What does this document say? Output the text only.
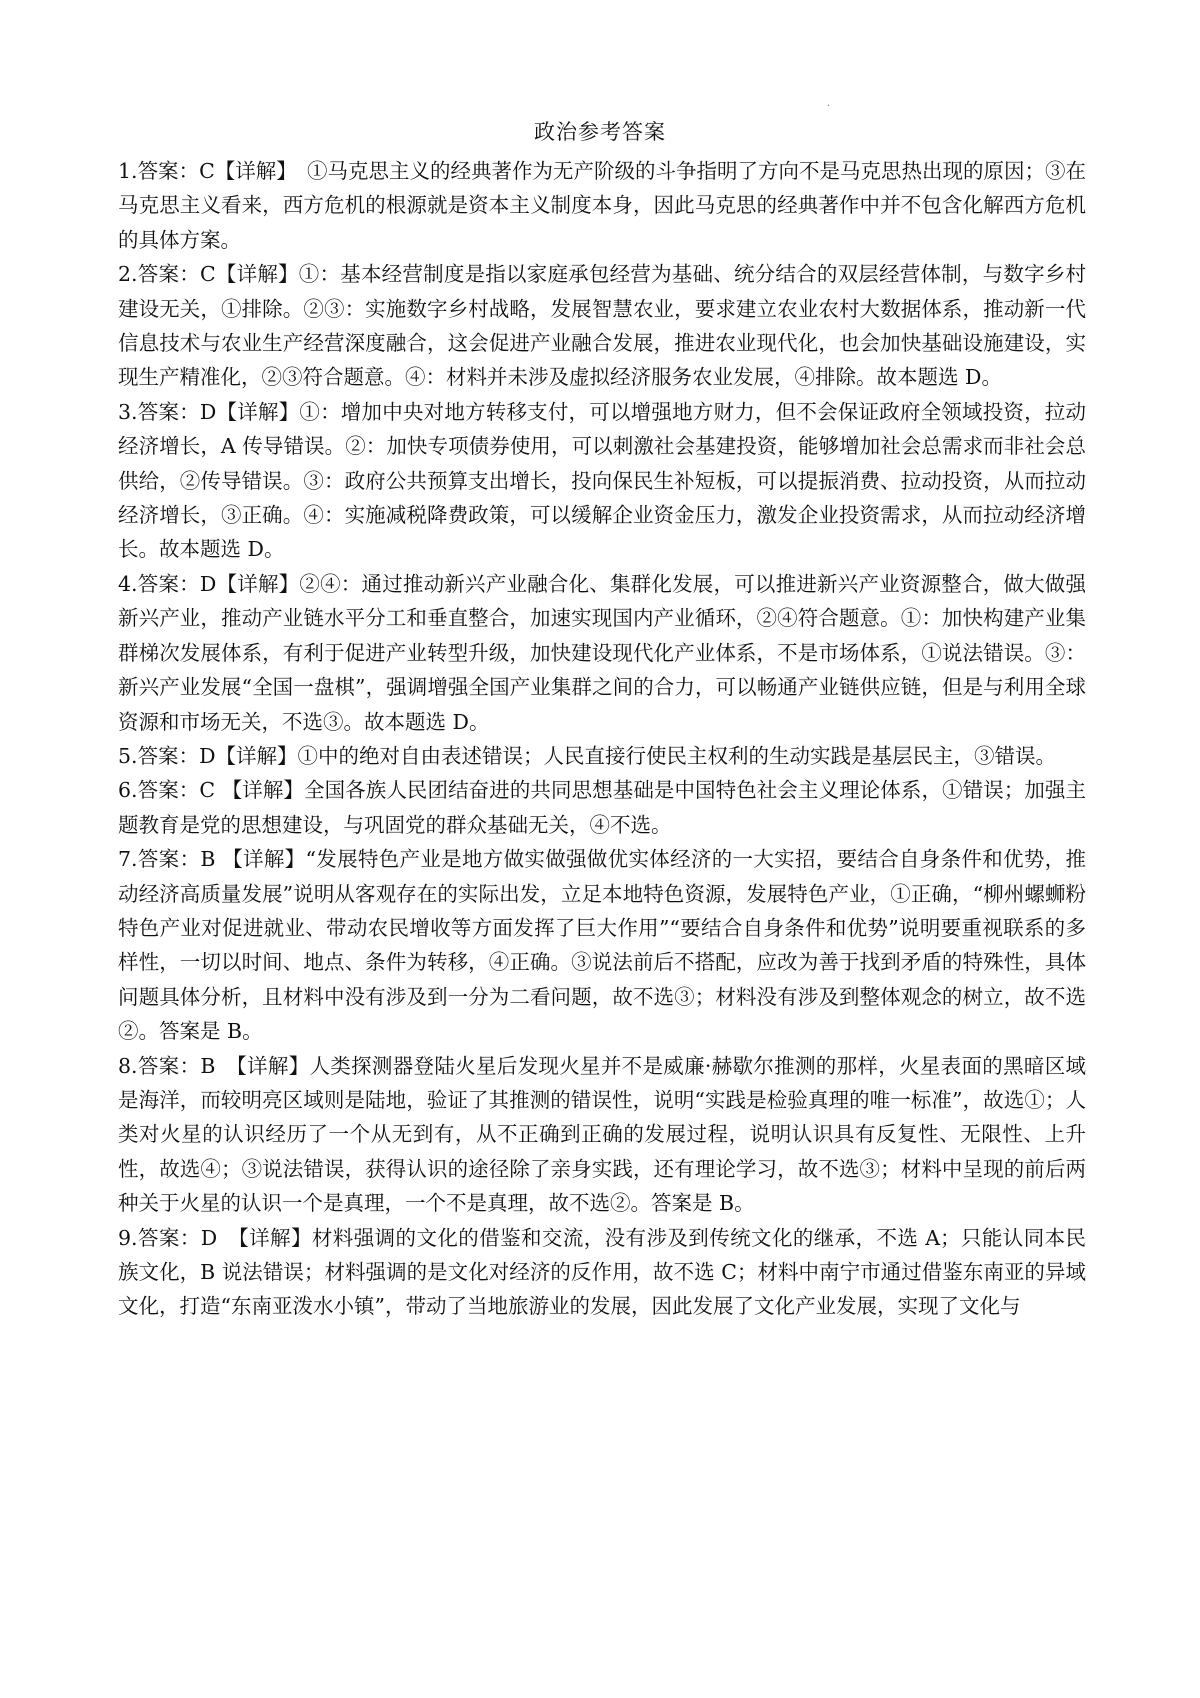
·
政治参考答案

1.答案：C【详解】　①马克思主义的经典著作为无产阶级的斗争指明了方向不是马克思热出现的原因；③在马克思主义看来，西方危机的根源就是资本主义制度本身，因此马克思的经典著作中并不包含化解西方危机的具体方案。

2.答案：C【详解】①：基本经营制度是指以家庭承包经营为基础、统分结合的双层经营体制，与数字乡村建设无关，①排除。②③：实施数字乡村战略，发展智慧农业，要求建立农业农村大数据体系，推动新一代信息技术与农业生产经营深度融合，这会促进产业融合发展，推进农业现代化，也会加快基础设施建设，实现生产精准化，②③符合题意。④：材料并未涉及虚拟经济服务农业发展，④排除。故本题选 D。

3.答案：D【详解】①：增加中央对地方转移支付，可以增强地方财力，但不会保证政府全领域投资，拉动经济增长，A 传导错误。②：加快专项债券使用，可以刺激社会基建投资，能够增加社会总需求而非社会总供给，②传导错误。③：政府公共预算支出增长，投向保民生补短板，可以提振消费、拉动投资，从而拉动经济增长，③正确。④：实施减税降费政策，可以缓解企业资金压力，激发企业投资需求，从而拉动经济增长。故本题选 D。

4.答案：D【详解】②④：通过推动新兴产业融合化、集群化发展，可以推进新兴产业资源整合，做大做强新兴产业，推动产业链水平分工和垂直整合，加速实现国内产业循环，②④符合题意。①：加快构建产业集群梯次发展体系，有利于促进产业转型升级，加快建设现代化产业体系，不是市场体系，①说法错误。③：新兴产业发展“全国一盘棋”，强调增强全国产业集群之间的合力，可以畅通产业链供应链，但是与利用全球资源和市场无关，不选③。故本题选 D。

5.答案：D【详解】①中的绝对自由表述错误；人民直接行使民主权利的生动实践是基层民主，③错误。

6.答案：C 【详解】全国各族人民团结奋进的共同思想基础是中国特色社会主义理论体系，①错误；加强主题教育是党的思想建设，与巩固党的群众基础无关，④不选。

7.答案：B 【详解】“发展特色产业是地方做实做强做优实体经济的一大实招，要结合自身条件和优势，推动经济高质量发展”说明从客观存在的实际出发，立足本地特色资源，发展特色产业，①正确，“柳州螺蛳粉特色产业对促进就业、带动农民增收等方面发挥了巨大作用”“要结合自身条件和优势”说明要重视联系的多样性，一切以时间、地点、条件为转移，④正确。③说法前后不搭配，应改为善于找到矛盾的特殊性，具体问题具体分析，且材料中没有涉及到一分为二看问题，故不选③；材料没有涉及到整体观念的树立，故不选②。答案是 B。

8.答案：B　【详解】人类探测器登陆火星后发现火星并不是威廉·赫歇尔推测的那样，火星表面的黑暗区域是海洋，而较明亮区域则是陆地，验证了其推测的错误性，说明“实践是检验真理的唯一标准”，故选①；人类对火星的认识经历了一个从无到有，从不正确到正确的发展过程，说明认识具有反复性、无限性、上升性，故选④；③说法错误，获得认识的途径除了亲身实践，还有理论学习，故不选③；材料中呈现的前后两种关于火星的认识一个是真理，一个不是真理，故不选②。答案是 B。

9.答案：D　【详解】材料强调的文化的借鉴和交流，没有涉及到传统文化的继承，不选 A；只能认同本民族文化，B 说法错误；材料强调的是文化对经济的反作用，故不选 C；材料中南宁市通过借鉴东南亚的异域文化，打造“东南亚泼水小镇”，带动了当地旅游业的发展，因此发展了文化产业发展，实现了文化与
